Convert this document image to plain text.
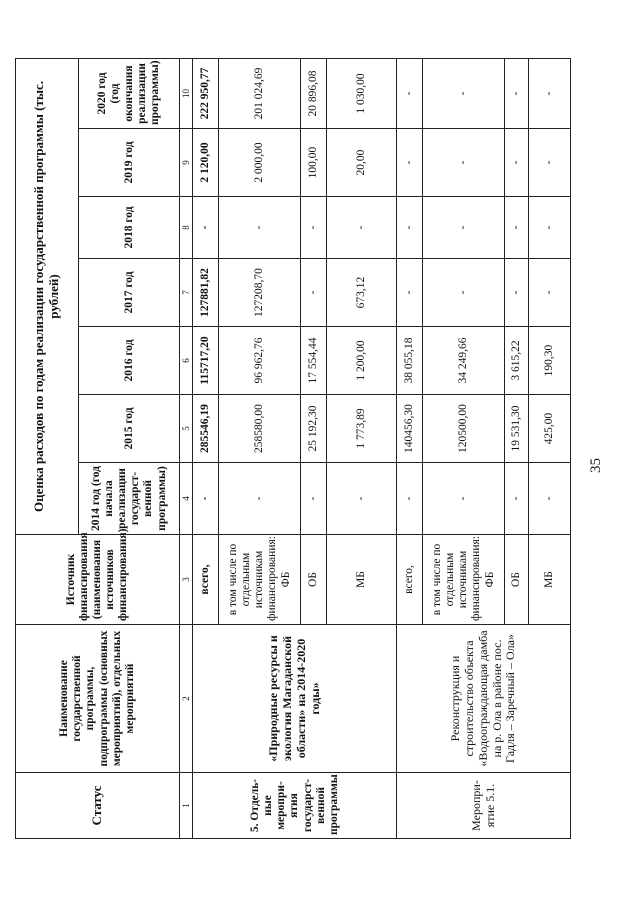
Статус	Наименование государственной программы, подпрограммы (основных мероприятий), отдельных мероприятий	Источник финансирования (наименования источников финансирования)	Оценка расходов по годам реализации государственной программы (тыс. рублей)						
			2014 год (год начала реализации государст-венной программы)	2015 год	2016 год	2017 год	2018 год	2019 год	2020 год (год окончания реализации программы)
1	2	3	4	5	6	7	8	9	10
5. Отдель-ные меропри-ятия государст-венной программы	«Природные ресурсы и экология Магаданской области» на 2014-2020 годы»	всего,	-	285546,19	115717,20	127881,82	-	2 120,00	222 950,77
		в том числе по отдельным источникам финансирования: ФБ	-	258580,00	96 962,76	127208,70	-	2 000,00	201 024,69
		ОБ	-	25 192,30	17 554,44	-	-	100,00	20 896,08
		МБ	-	1 773,89	1 200,00	673,12	-	20,00	1 030,00
Меропри-ятие 5.1.	Реконструкция и строительство объекта «Водоограждающая дамба на р. Ола в районе пос. Гадля – Заречный – Ола»	всего,	-	140456,30	38 055,18	-	-	-	-
		в том числе по отдельным источникам финансирования: ФБ	-	120500,00	34 249,66	-	-	-	-
		ОБ	-	19 531,30	3 615,22	-	-	-	-
		МБ	-	425,00	190,30	-	-	-	-
35
